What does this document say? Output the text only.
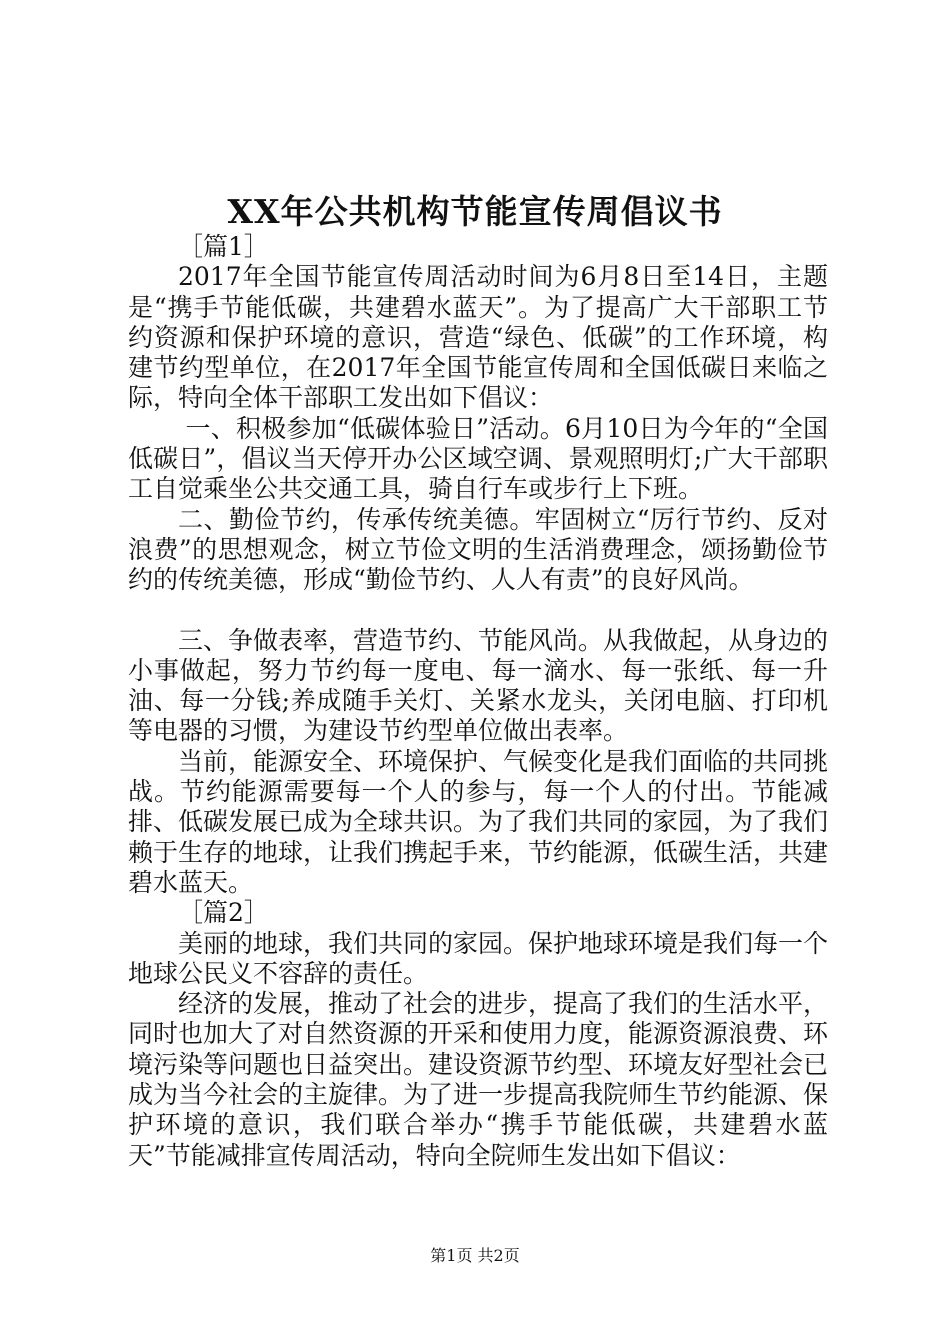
XX年公共机构节能宣传周倡议书

［篇1］

2017年全国节能宣传周活动时间为6月8日至14日，主题是“携手节能低碳，共建碧水蓝天”。为了提高广大干部职工节约资源和保护环境的意识，营造“绿色、低碳”的工作环境，构建节约型单位，在2017年全国节能宣传周和全国低碳日来临之际，特向全体干部职工发出如下倡议：

一、积极参加“低碳体验日”活动。6月10日为今年的“全国低碳日”，倡议当天停开办公区域空调、景观照明灯;广大干部职工自觉乘坐公共交通工具，骑自行车或步行上下班。

二、勤俭节约，传承传统美德。牢固树立“厉行节约、反对浪费”的思想观念，树立节俭文明的生活消费理念，颂扬勤俭节约的传统美德，形成“勤俭节约、人人有责”的良好风尚。

三、争做表率，营造节约、节能风尚。从我做起，从身边的小事做起，努力节约每一度电、每一滴水、每一张纸、每一升油、每一分钱;养成随手关灯、关紧水龙头，关闭电脑、打印机等电器的习惯，为建设节约型单位做出表率。

当前，能源安全、环境保护、气候变化是我们面临的共同挑战。节约能源需要每一个人的参与，每一个人的付出。节能减排、低碳发展已成为全球共识。为了我们共同的家园，为了我们赖于生存的地球，让我们携起手来，节约能源，低碳生活，共建碧水蓝天。

［篇2］

美丽的地球，我们共同的家园。保护地球环境是我们每一个地球公民义不容辞的责任。

经济的发展，推动了社会的进步，提高了我们的生活水平，同时也加大了对自然资源的开采和使用力度，能源资源浪费、环境污染等问题也日益突出。建设资源节约型、环境友好型社会已成为当今社会的主旋律。为了进一步提高我院师生节约能源、保护环境的意识，我们联合举办“携手节能低碳，共建碧水蓝天”节能减排宣传周活动，特向全院师生发出如下倡议：

第1页 共2页
